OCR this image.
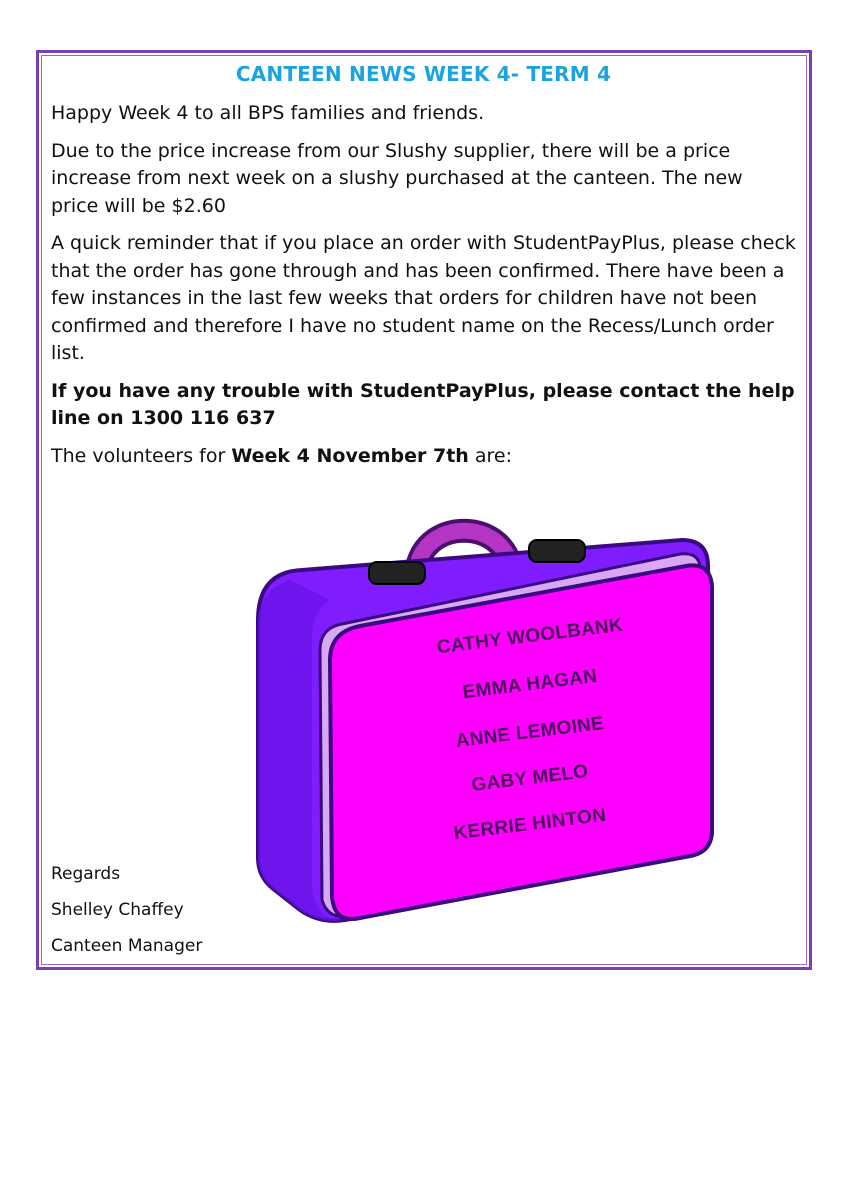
CANTEEN NEWS WEEK 4- TERM 4

Happy Week 4 to all BPS families and friends.

Due to the price increase from our Slushy supplier, there will be a price increase from next week on a slushy purchased at the canteen. The new price will be $2.60

A quick reminder that if you place an order with StudentPayPlus, please check that the order has gone through and has been confirmed. There have been a few instances in the last few weeks that orders for children have not been confirmed and therefore I have no student name on the Recess/Lunch order list.

If you have any trouble with StudentPayPlus, please contact the help line on 1300 116 637

The volunteers for Week 4 November 7th are:

CATHY WOOLBANK
EMMA HAGAN
ANNE LEMOINE
GABY MELO
KERRIE HINTON
Regards
Shelley Chaffey
Canteen Manager
